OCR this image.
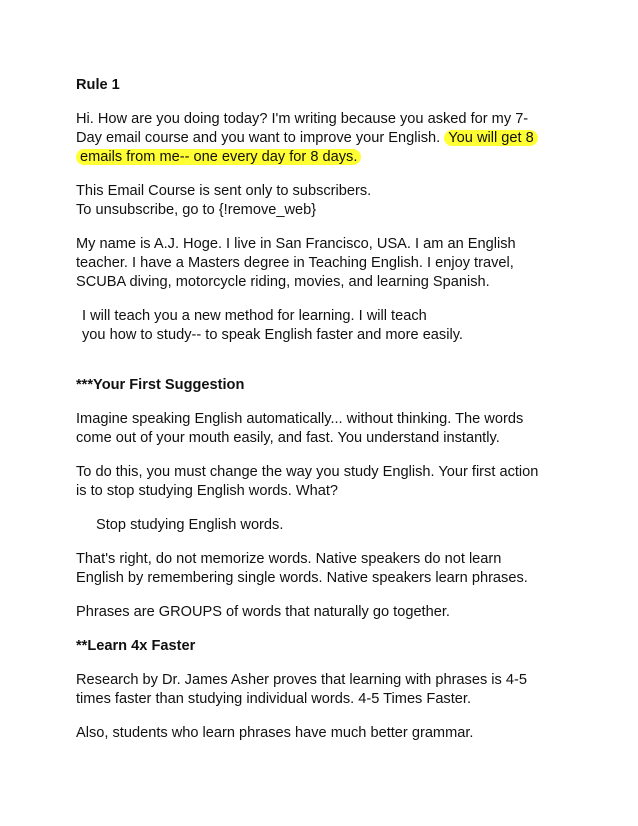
Rule 1
Hi. How are you doing today? I'm writing because you asked for my 7-
Day email course and you want to improve your English. You will get 8
emails from me-- one every day for 8 days.
This Email Course is sent only to subscribers.
To unsubscribe, go to {!remove_web}
My name is A.J. Hoge. I live in San Francisco, USA. I am an English
teacher. I have a Masters degree in Teaching English. I enjoy travel,
SCUBA diving, motorcycle riding, movies, and learning Spanish.
I will teach you a new method for learning. I will teach
you how to study-- to speak English faster and more easily.
***Your First Suggestion
Imagine speaking English automatically... without thinking. The words
come out of your mouth easily, and fast. You understand instantly.
To do this, you must change the way you study English. Your first action
is to stop studying English words. What?
Stop studying English words.
That's right, do not memorize words. Native speakers do not learn
English by remembering single words. Native speakers learn phrases.
Phrases are GROUPS of words that naturally go together.
**Learn 4x Faster
Research by Dr. James Asher proves that learning with phrases is 4-5
times faster than studying individual words. 4-5 Times Faster.
Also, students who learn phrases have much better grammar.
